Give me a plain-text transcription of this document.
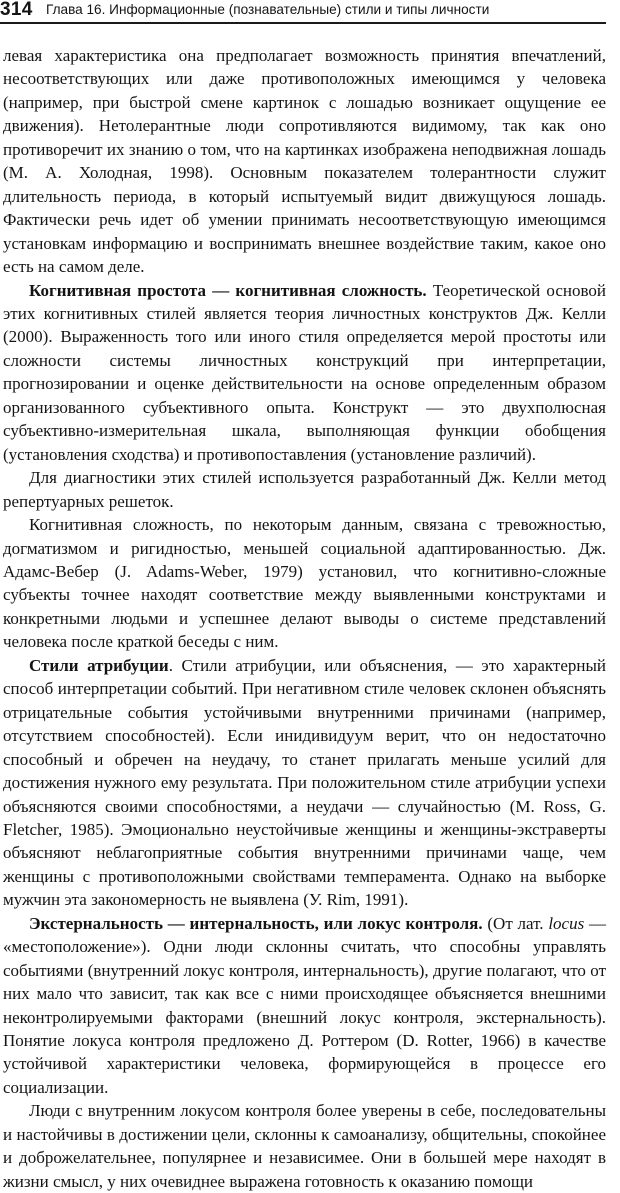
314 Глава 16. Информационные (познавательные) стили и типы личности

левая характеристика она предполагает возможность принятия впечатлений, несоответствующих или даже противоположных имеющимся у человека (например, при быстрой смене картинок с лошадью возникает ощущение ее движения). Нетолерантные люди сопротивляются видимому, так как оно противоречит их знанию о том, что на картинках изображена неподвижная лошадь (М. А. Холодная, 1998). Основным показателем толерантности служит длительность периода, в который испытуемый видит движущуюся лошадь. Фактически речь идет об умении принимать несоответствующую имеющимся установкам информацию и воспринимать внешнее воздействие таким, какое оно есть на самом деле.

Когнитивная простота — когнитивная сложность. Теоретической основой этих когнитивных стилей является теория личностных конструктов Дж. Келли (2000). Выраженность того или иного стиля определяется мерой простоты или сложности системы личностных конструкций при интерпретации, прогнозировании и оценке действительности на основе определенным образом организованного субъективного опыта. Конструкт — это двухполюсная субъективно-измерительная шкала, выполняющая функции обобщения (установления сходства) и противопоставления (установление различий).

Для диагностики этих стилей используется разработанный Дж. Келли метод репертуарных решеток.

Когнитивная сложность, по некоторым данным, связана с тревожностью, догматизмом и ригидностью, меньшей социальной адаптированностью. Дж. Адамс-Вебер (J. Adams-Weber, 1979) установил, что когнитивно-сложные субъекты точнее находят соответствие между выявленными конструктами и конкретными людьми и успешнее делают выводы о системе представлений человека после краткой беседы с ним.

Стили атрибуции. Стили атрибуции, или объяснения, — это характерный способ интерпретации событий. При негативном стиле человек склонен объяснять отрицательные события устойчивыми внутренними причинами (например, отсутствием способностей). Если инидивидуум верит, что он недостаточно способный и обречен на неудачу, то станет прилагать меньше усилий для достижения нужного ему результата. При положительном стиле атрибуции успехи объясняются своими способностями, а неудачи — случайностью (M. Ross, G. Fletcher, 1985). Эмоционально неустойчивые женщины и женщины-экстраверты объясняют неблагоприятные события внутренними причинами чаще, чем женщины с противоположными свойствами темперамента. Однако на выборке мужчин эта закономерность не выявлена (У. Rim, 1991).

Экстернальность — интернальность, или локус контроля. (От лат. locus — «местоположение»). Одни люди склонны считать, что способны управлять событиями (внутренний локус контроля, интернальность), другие полагают, что от них мало что зависит, так как все с ними происходящее объясняется внешними неконтролируемыми факторами (внешний локус контроля, экстернальность). Понятие локуса контроля предложено Д. Роттером (D. Rotter, 1966) в качестве устойчивой характеристики человека, формирующейся в процессе его социализации.

Люди с внутренним локусом контроля более уверены в себе, последовательны и настойчивы в достижении цели, склонны к самоанализу, общительны, спокойнее и доброжелательнее, популярнее и независимее. Они в большей мере находят в жизни смысл, у них очевиднее выражена готовность к оказанию помощи
